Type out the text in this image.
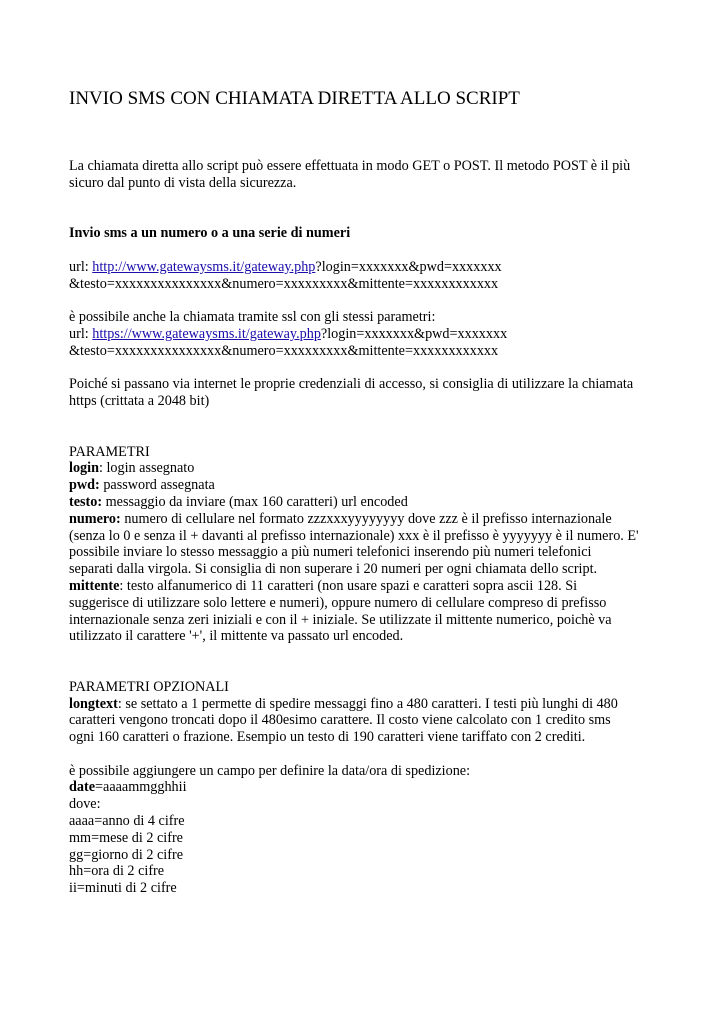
INVIO SMS CON CHIAMATA DIRETTA ALLO SCRIPT
La chiamata diretta allo script può essere effettuata in modo GET o POST. Il metodo POST è il più
sicuro dal punto di vista della sicurezza.
Invio sms a un numero o a una serie di numeri
url: http://www.gatewaysms.it/gateway.php?login=xxxxxxx&pwd=xxxxxxx
&testo=xxxxxxxxxxxxxxx&numero=xxxxxxxxx&mittente=xxxxxxxxxxxx
è possibile anche la chiamata tramite ssl con gli stessi parametri:
url: https://www.gatewaysms.it/gateway.php?login=xxxxxxx&pwd=xxxxxxx
&testo=xxxxxxxxxxxxxxx&numero=xxxxxxxxx&mittente=xxxxxxxxxxxx
Poiché si passano via internet le proprie credenziali di accesso, si consiglia di utilizzare la chiamata
https (crittata a 2048 bit)
PARAMETRI
login: login assegnato
pwd: password assegnata
testo: messaggio da inviare (max 160 caratteri) url encoded
numero: numero di cellulare nel formato zzzxxxyyyyyyyy dove zzz è il prefisso internazionale
(senza lo 0 e senza il + davanti al prefisso internazionale) xxx è il prefisso è yyyyyyy è il numero. E'
possibile inviare lo stesso messaggio a più numeri telefonici inserendo più numeri telefonici
separati dalla virgola. Si consiglia di non superare i 20 numeri per ogni chiamata dello script.
mittente: testo alfanumerico di 11 caratteri (non usare spazi e caratteri sopra ascii 128. Si
suggerisce di utilizzare solo lettere e numeri), oppure numero di cellulare compreso di prefisso
internazionale senza zeri iniziali e con il + iniziale. Se utilizzate il mittente numerico, poichè va
utilizzato il carattere '+', il mittente va passato url encoded.
PARAMETRI OPZIONALI
longtext: se settato a 1 permette di spedire messaggi fino a 480 caratteri. I testi più lunghi di 480
caratteri vengono troncati dopo il 480esimo carattere. Il costo viene calcolato con 1 credito sms
ogni 160 caratteri o frazione. Esempio un testo di 190 caratteri viene tariffato con 2 crediti.
è possibile aggiungere un campo per definire la data/ora di spedizione:
date=aaaammgghhii
dove:
aaaa=anno di 4 cifre
mm=mese di 2 cifre
gg=giorno di 2 cifre
hh=ora di 2 cifre
ii=minuti di 2 cifre
